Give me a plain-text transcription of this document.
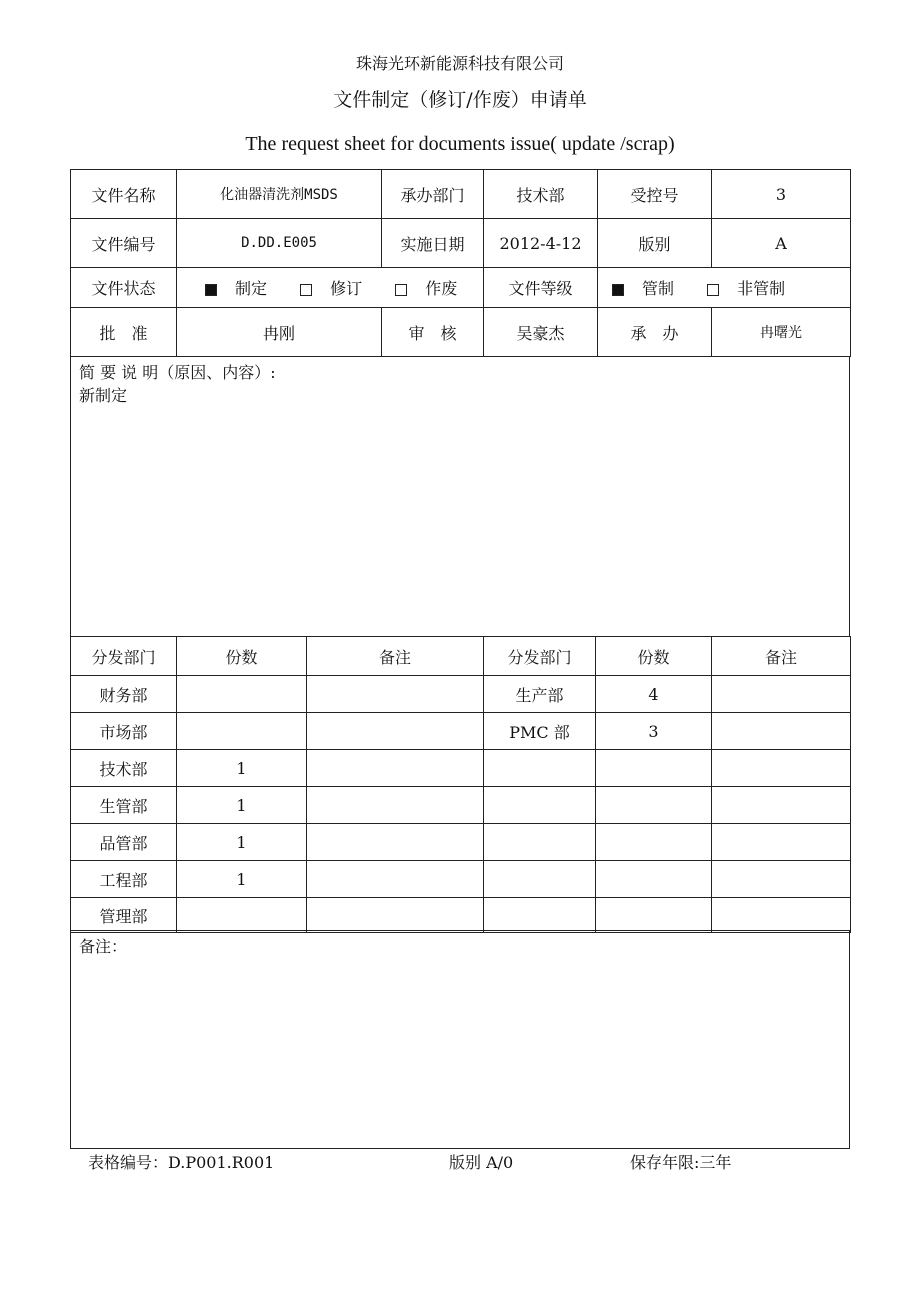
珠海光环新能源科技有限公司
文件制定（修订/作废）申请单
The request sheet for documents issue( update /scrap)
文件名称	化油器清洗剂MSDS	承办部门	技术部	受控号	3
文件编号	D.DD.E005	实施日期	2012-4-12	版别	A
文件状态	制定 修订 作废		文件等级	管制 非管制	
批　准	冉刚	审　核	吴豪杰	承　办	冉曙光
简 要 说 明（原因、内容）:
新制定
分发部门	份数	备注	分发部门	份数	备注
财务部			生产部	4	
市场部			PMC 部	3	
技术部	1				
生管部	1				
品管部	1				
工程部	1				
管理部					
备注：
表格编号：D.P001.R001	版别 A/0	保存年限:三年
